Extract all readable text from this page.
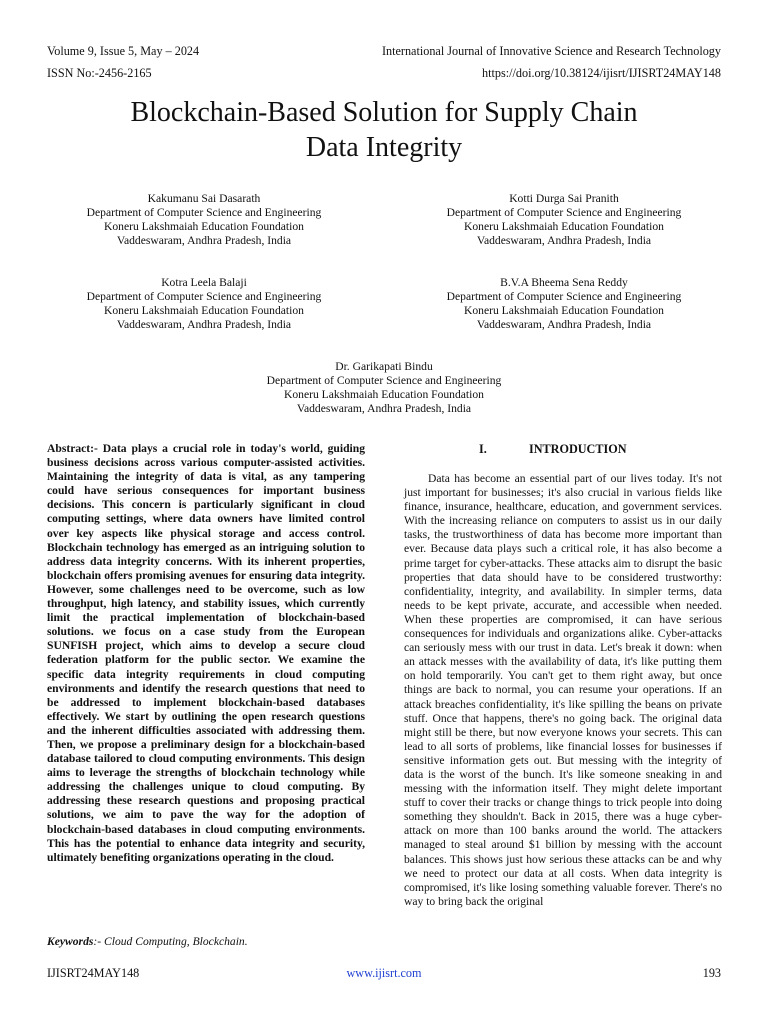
Volume 9, Issue 5, May – 2024	International Journal of Innovative Science and Research Technology
ISSN No:-2456-2165	https://doi.org/10.38124/ijisrt/IJISRT24MAY148
Blockchain-Based Solution for Supply Chain
Data Integrity
Kakumanu Sai Dasarath
Department of Computer Science and Engineering
Koneru Lakshmaiah Education Foundation
Vaddeswaram, Andhra Pradesh, India
Kotti Durga Sai Pranith
Department of Computer Science and Engineering
Koneru Lakshmaiah Education Foundation
Vaddeswaram, Andhra Pradesh, India
Kotra Leela Balaji
Department of Computer Science and Engineering
Koneru Lakshmaiah Education Foundation
Vaddeswaram, Andhra Pradesh, India
B.V.A Bheema Sena Reddy
Department of Computer Science and Engineering
Koneru Lakshmaiah Education Foundation
Vaddeswaram, Andhra Pradesh, India
Dr. Garikapati Bindu
Department of Computer Science and Engineering
Koneru Lakshmaiah Education Foundation
Vaddeswaram, Andhra Pradesh, India

Abstract:- Data plays a crucial role in today's world, guiding business decisions across various computer-assisted activities. Maintaining the integrity of data is vital, as any tampering could have serious consequences for important business decisions. This concern is particularly significant in cloud computing settings, where data owners have limited control over key aspects like physical storage and access control. Blockchain technology has emerged as an intriguing solution to address data integrity concerns. With its inherent properties, blockchain offers promising avenues for ensuring data integrity. However, some challenges need to be overcome, such as low throughput, high latency, and stability issues, which currently limit the practical implementation of blockchain-based solutions. we focus on a case study from the European SUNFISH project, which aims to develop a secure cloud federation platform for the public sector. We examine the specific data integrity requirements in cloud computing environments and identify the research questions that need to be addressed to implement blockchain-based databases effectively. We start by outlining the open research questions and the inherent difficulties associated with addressing them. Then, we propose a preliminary design for a blockchain-based database tailored to cloud computing environments. This design aims to leverage the strengths of blockchain technology while addressing the challenges unique to cloud computing. By addressing these research questions and proposing practical solutions, we aim to pave the way for the adoption of blockchain-based databases in cloud computing environments. This has the potential to enhance data integrity and security, ultimately benefiting organizations operating in the cloud.

Keywords:- Cloud Computing, Blockchain.
I.	INTRODUCTION

Data has become an essential part of our lives today. It's not just important for businesses; it's also crucial in various fields like finance, insurance, healthcare, education, and government services. With the increasing reliance on computers to assist us in our daily tasks, the trustworthiness of data has become more important than ever. Because data plays such a critical role, it has also become a prime target for cyber-attacks. These attacks aim to disrupt the basic properties that data should have to be considered trustworthy: confidentiality, integrity, and availability. In simpler terms, data needs to be kept private, accurate, and accessible when needed. When these properties are compromised, it can have serious consequences for individuals and organizations alike. Cyber-attacks can seriously mess with our trust in data. Let's break it down: when an attack messes with the availability of data, it's like putting them on hold temporarily. You can't get to them right away, but once things are back to normal, you can resume your operations. If an attack breaches confidentiality, it's like spilling the beans on private stuff. Once that happens, there's no going back. The original data might still be there, but now everyone knows your secrets. This can lead to all sorts of problems, like financial losses for businesses if sensitive information gets out. But messing with the integrity of data is the worst of the bunch. It's like someone sneaking in and messing with the information itself. They might delete important stuff to cover their tracks or change things to trick people into doing something they shouldn't. Back in 2015, there was a huge cyber-attack on more than 100 banks around the world. The attackers managed to steal around $1 billion by messing with the account balances. This shows just how serious these attacks can be and why we need to protect our data at all costs. When data integrity is compromised, it's like losing something valuable forever. There's no way to bring back the original

IJISRT24MAY148	www.ijisrt.com	193
